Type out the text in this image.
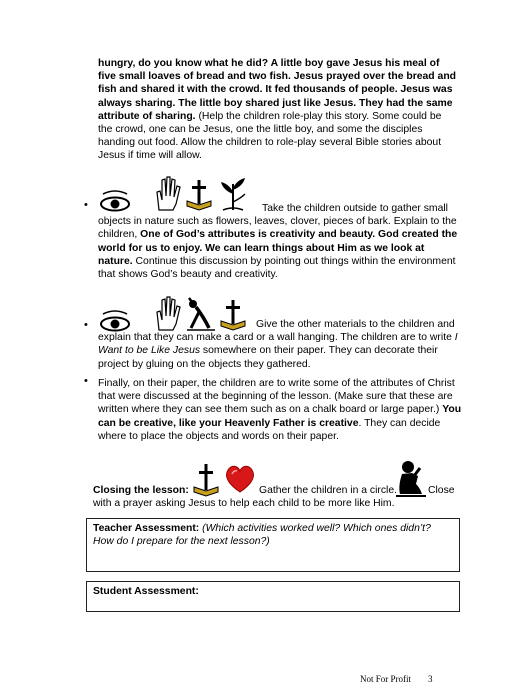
hungry, do you know what he did? A little boy gave Jesus his meal of five small loaves of bread and two fish. Jesus prayed over the bread and fish and shared it with the crowd. It fed thousands of people. Jesus was always sharing. The little boy shared just like Jesus. They had the same attribute of sharing. (Help the children role-play this story. Some could be the crowd, one can be Jesus, one the little boy, and some the disciples handing out food. Allow the children to role-play several Bible stories about Jesus if time will allow.
•	Take the children outside to gather small objects in nature such as flowers, leaves, clover, pieces of bark. Explain to the children, One of God’s attributes is creativity and beauty. God created the world for us to enjoy. We can learn things about Him as we look at nature. Continue this discussion by pointing out things within the environment that shows God’s beauty and creativity.
•	Give the other materials to the children and explain that they can make a card or a wall hanging. The children are to write I Want to be Like Jesus somewhere on their paper. They can decorate their project by gluing on the objects they gathered.
• Finally, on their paper, the children are to write some of the attributes of Christ that were discussed at the beginning of the lesson. (Make sure that these are written where they can see them such as on a chalk board or large paper.) You can be creative, like your Heavenly Father is creative. They can decide where to place the objects and words on their paper.
Closing the lesson:	Gather the children in a circle.	Close
with a prayer asking Jesus to help each child to be more like Him.
Teacher Assessment: (Which activities worked well? Which ones didn’t? How do I prepare for the next lesson?)
Student Assessment:
Not For Profit 3
